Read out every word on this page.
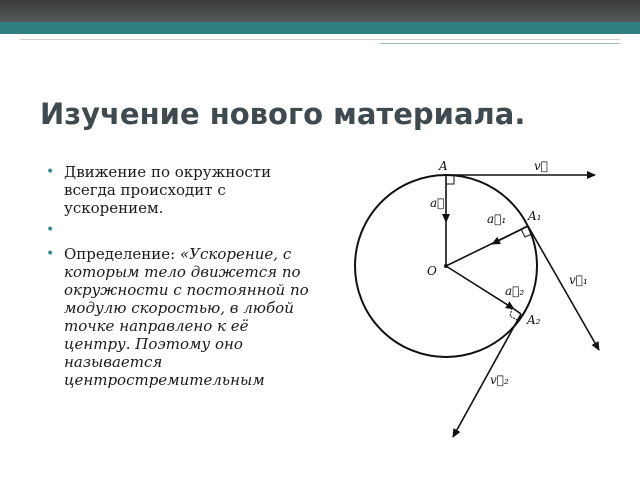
Изучение нового материала.
• Движение по окружности всегда происходит с ускорением.
•
• Определение: «Ускорение, с которым тело движется по окружности с постоянной по модулю скоростью, в любой точке направлено к её центру. Поэтому оно называется центростремительным
A	v⃗
a⃗
a⃗₁ A₁
O
a⃗₂
v⃗₁
A₂
v⃗₂
